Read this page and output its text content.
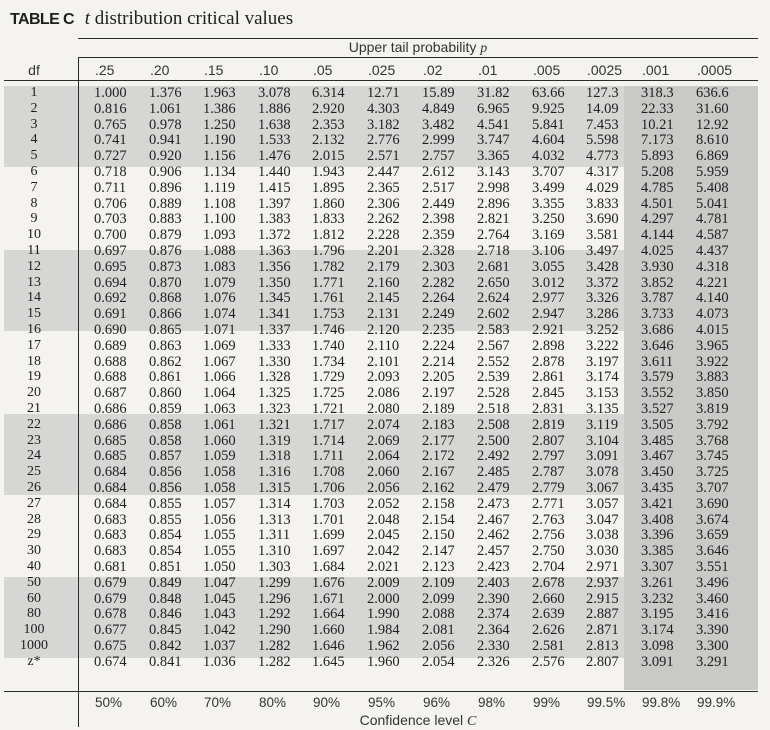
TABLE C t distribution critical values
Upper tail probability p
df	.25	.20 .15	.10 .05	.025 .02	.01	.005 .0025 .001 .0005
1	1.000 1.376 1.963 3.078 6.314 12.71 15.89 31.82 63.66 127.3 318.3 636.6
2	0.816 1.061 1.386 1.886 2.920 4.303 4.849 6.965 9.925 14.09 22.33 31.60
3	0.765 0.978 1.250 1.638 2.353 3.182 3.482 4.541 5.841 7.453 10.21 12.92
4	0.741 0.941 1.190 1.533 2.132 2.776 2.999 3.747 4.604 5.598 7.173 8.610
5	0.727 0.920 1.156 1.476 2.015 2.571 2.757 3.365 4.032 4.773 5.893 6.869
6	0.718 0.906 1.134 1.440 1.943 2.447 2.612 3.143 3.707 4.317 5.208 5.959
7	0.711 0.896 1.119 1.415 1.895 2.365 2.517 2.998 3.499 4.029 4.785 5.408
8	0.706 0.889 1.108 1.397 1.860 2.306 2.449 2.896 3.355 3.833 4.501 5.041
9	0.703 0.883 1.100 1.383 1.833 2.262 2.398 2.821 3.250 3.690 4.297 4.781
10	0.700 0.879 1.093 1.372 1.812 2.228 2.359 2.764 3.169 3.581 4.144 4.587
11	0.697 0.876 1.088 1.363 1.796 2.201 2.328 2.718 3.106 3.497 4.025 4.437
12	0.695 0.873 1.083 1.356 1.782 2.179 2.303 2.681 3.055 3.428 3.930 4.318
13	0.694 0.870 1.079 1.350 1.771 2.160 2.282 2.650 3.012 3.372 3.852 4.221
14	0.692 0.868 1.076 1.345 1.761 2.145 2.264 2.624 2.977 3.326 3.787 4.140
15	0.691 0.866 1.074 1.341 1.753 2.131 2.249 2.602 2.947 3.286 3.733 4.073
16	0.690 0.865 1.071 1.337 1.746 2.120 2.235 2.583 2.921 3.252 3.686 4.015
17	0.689 0.863 1.069 1.333 1.740 2.110 2.224 2.567 2.898 3.222 3.646 3.965
18	0.688 0.862 1.067 1.330 1.734 2.101 2.214 2.552 2.878 3.197 3.611 3.922
19	0.688 0.861 1.066 1.328 1.729 2.093 2.205 2.539 2.861 3.174 3.579 3.883
20	0.687 0.860 1.064 1.325 1.725 2.086 2.197 2.528 2.845 3.153 3.552 3.850
21	0.686 0.859 1.063 1.323 1.721 2.080 2.189 2.518 2.831 3.135 3.527 3.819
22	0.686 0.858 1.061 1.321 1.717 2.074 2.183 2.508 2.819 3.119 3.505 3.792
23	0.685 0.858 1.060 1.319 1.714 2.069 2.177 2.500 2.807 3.104 3.485 3.768
24	0.685 0.857 1.059 1.318 1.711 2.064 2.172 2.492 2.797 3.091 3.467 3.745
25	0.684 0.856 1.058 1.316 1.708 2.060 2.167 2.485 2.787 3.078 3.450 3.725
26	0.684 0.856 1.058 1.315 1.706 2.056 2.162 2.479 2.779 3.067 3.435 3.707
27	0.684 0.855 1.057 1.314 1.703 2.052 2.158 2.473 2.771 3.057 3.421 3.690
28	0.683 0.855 1.056 1.313 1.701 2.048 2.154 2.467 2.763 3.047 3.408 3.674
29	0.683 0.854 1.055 1.311 1.699 2.045 2.150 2.462 2.756 3.038 3.396 3.659
30	0.683 0.854 1.055 1.310 1.697 2.042 2.147 2.457 2.750 3.030 3.385 3.646
40	0.681 0.851 1.050 1.303 1.684 2.021 2.123 2.423 2.704 2.971 3.307 3.551
50	0.679 0.849 1.047 1.299 1.676 2.009 2.109 2.403 2.678 2.937 3.261 3.496
60	0.679 0.848 1.045 1.296 1.671 2.000 2.099 2.390 2.660 2.915 3.232 3.460
80	0.678 0.846 1.043 1.292 1.664 1.990 2.088 2.374 2.639 2.887 3.195 3.416
100	0.677 0.845 1.042 1.290 1.660 1.984 2.081 2.364 2.626 2.871 3.174 3.390
1000	0.675 0.842 1.037 1.282 1.646 1.962 2.056 2.330 2.581 2.813 3.098 3.300
z*	0.674 0.841 1.036 1.282 1.645 1.960 2.054 2.326 2.576 2.807 3.091 3.291
50% 60% 70% 80% 90% 95% 96% 98% 99% 99.5% 99.8% 99.9%
Confidence level C
